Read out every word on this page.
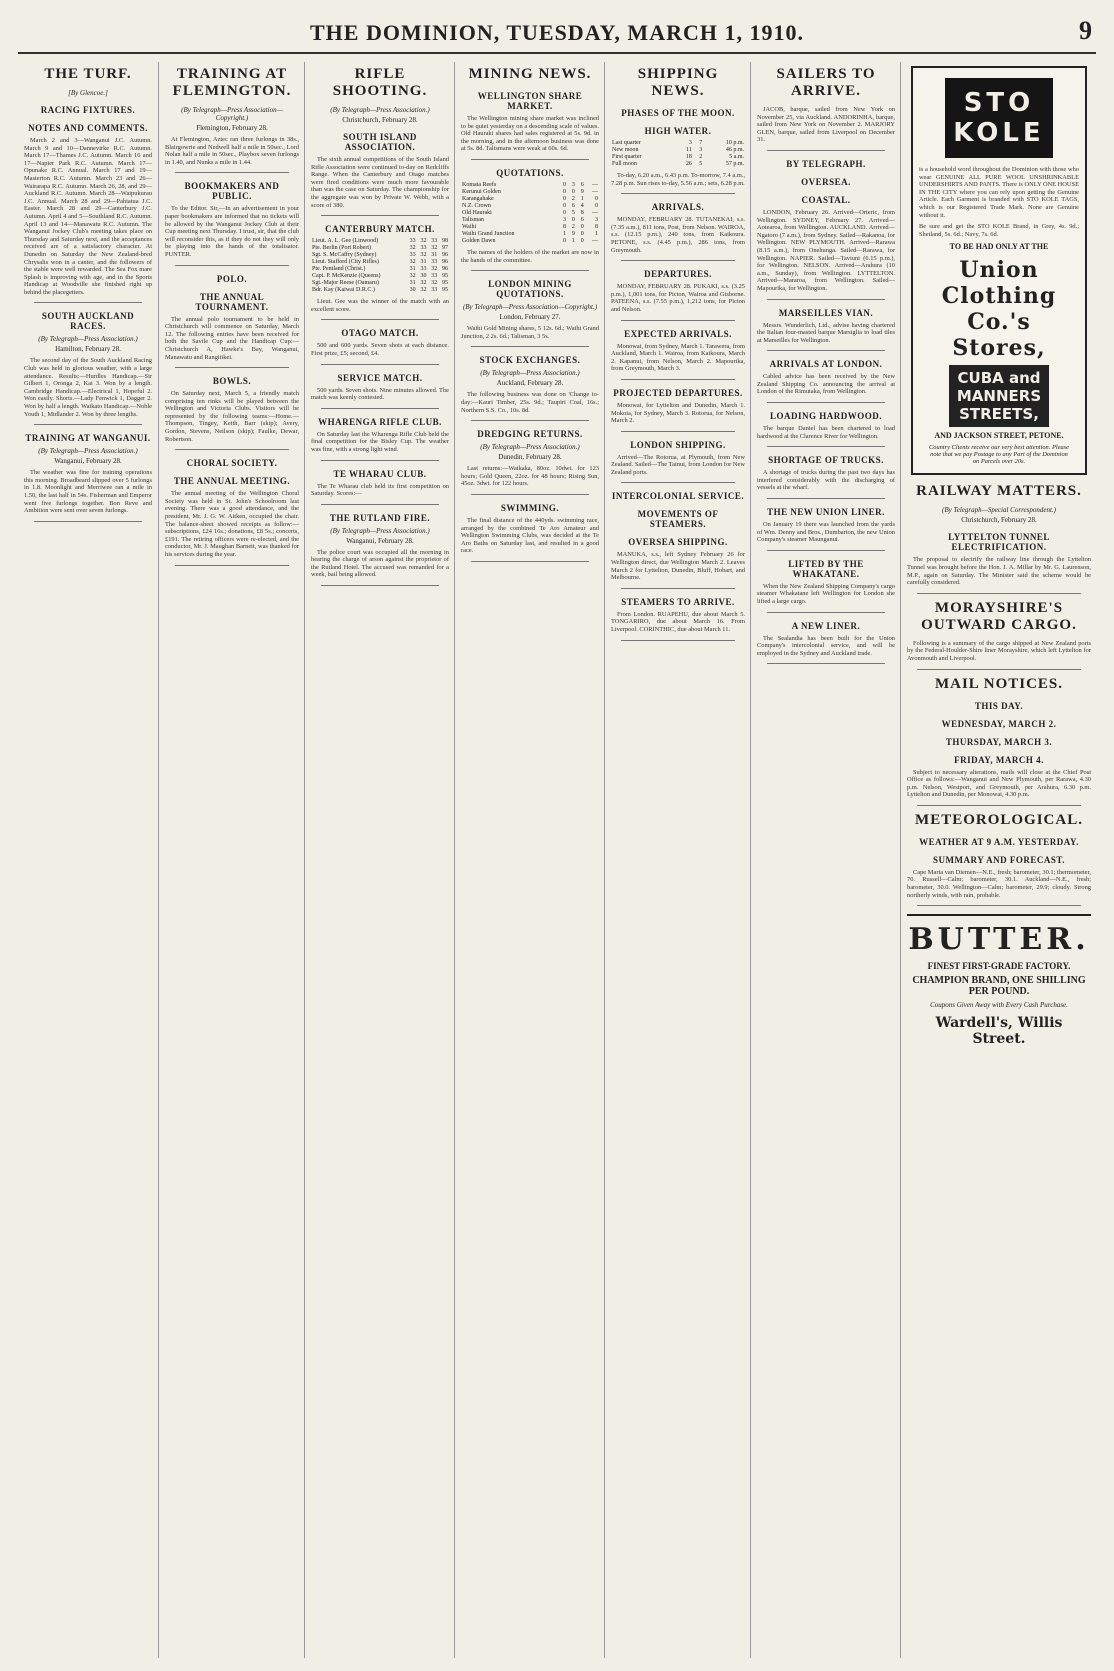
THE DOMINION, TUESDAY, MARCH 1, 1910.	9
THE TURF.
[By Glencoe.]
RACING FIXTURES.
NOTES AND COMMENTS.

March 2 and 3—Wanganui J.C. Autumn. March 9 and 10—Dannevirke R.C. Autumn. March 17—Thames J.C. Autumn. March 16 and 17—Napier Park R.C. Autumn. March 17—Opunake R.C. Annual. March 17 and 19—Masterton R.C. Autumn. March 23 and 26—Wairarapa R.C. Autumn. March 26, 28, and 29—Auckland R.C. Autumn. March 28—Waipukurau J.C. Annual. March 28 and 29—Pahiatua J.C. Easter. March 28 and 29—Canterbury J.C. Autumn. April 4 and 5—Southland R.C. Autumn. April 13 and 14—Manawatu R.C. Autumn. The Wanganui Jockey Club's meeting takes place on Thursday and Saturday next, and the acceptances received are of a satisfactory character. At Dunedin on Saturday the New Zealand-bred Chrysalis won in a canter, and the followers of the stable were well rewarded. The Sea Fox mare Splash is improving with age, and in the Sports Handicap at Woodville she finished right up behind the placegetters.

SOUTH AUCKLAND RACES.
(By Telegraph—Press Association.)
Hamilton, February 28.

The second day of the South Auckland Racing Club was held in glorious weather, with a large attendance. Results:—Hurdles Handicap.—Sir Gilbert 1, Oronga 2, Kai 3. Won by a length. Cambridge Handicap.—Electrical 1, Hopeful 2. Won easily. Shorts.—Lady Fenwick 1, Dagger 2. Won by half a length. Waikato Handicap.—Noble Youth 1, Midlander 2. Won by three lengths.

TRAINING AT WANGANUI.
(By Telegraph—Press Association.)
Wanganui, February 28.

The weather was fine for training operations this morning. Broadbeard slipped over 5 furlongs in 1.8. Moonlight and Merriwee ran a mile in 1.50, the last half in 54s. Fisherman and Emperor went five furlongs together. Bon Reve and Ambition were sent over seven furlongs.

TRAINING AT FLEMINGTON.
(By Telegraph—Press Association—Copyright.)
Flemington, February 28.

At Flemington, Aztec ran three furlongs in 38s., Blairgowrie and Nedwell half a mile in 50sec., Lord Nolan half a mile in 50sec., Playbox seven furlongs in 1.40, and Nunks a mile in 1.44.

BOOKMAKERS AND PUBLIC.

To the Editor. Sir,—In an advertisement in your paper bookmakers are informed that no tickets will be allowed by the Wanganui Jockey Club at their Cup meeting next Thursday. I trust, sir, that the club will reconsider this, as if they do not they will only be playing into the hands of the totalisator. PUNTER.

POLO.
THE ANNUAL TOURNAMENT.

The annual polo tournament to be held in Christchurch will commence on Saturday, March 12. The following entries have been received for both the Savile Cup and the Handicap Cup:—Christchurch A, Hawke's Bay, Wanganui, Manawatu and Rangitikei.

BOWLS.

On Saturday next, March 5, a friendly match comprising ten rinks will be played between the Wellington and Victoria Clubs. Visitors will be represented by the following teams:—Home.—Thompson, Tingey, Keith, Barr (skip); Avery, Gordon, Stevens, Neilson (skip); Faulke, Dewar, Robertson.

CHORAL SOCIETY.
THE ANNUAL MEETING.

The annual meeting of the Wellington Choral Society was held in St. John's Schoolroom last evening. There was a good attendance, and the president, Mr. J. G. W. Aitken, occupied the chair. The balance-sheet showed receipts as follow:—subscriptions, £24 16s.; donations, £8 5s.; concerts, £191. The retiring officers were re-elected, and the conductor, Mr. J. Maughan Barnett, was thanked for his services during the year.

RIFLE SHOOTING.
(By Telegraph—Press Association.)
Christchurch, February 28.
SOUTH ISLAND ASSOCIATION.

The sixth annual competitions of the South Island Rifle Association were continued to-day on Redcliffs Range. When the Canterbury and Otago matches were fired conditions were much more favourable than was the case on Saturday. The championship for the aggregate was won by Private W. Webb, with a score of 380.

CANTERBURY MATCH.
Lieut. A. L. Gee (Linwood)	33	32	33	98
Pte. Berlin (Port Robert)	32	33	32	97
Sgt. S. McCaffry (Sydney)	33	32	31	96
Lieut. Stafford (City Rifles)	32	31	33	96
Pte. Pentland (Christ.)	31	33	32	96
Capt. P. McKenzie (Queens)	32	30	33	95
Sgt.-Major Reese (Oamaru)	31	32	32	95
Bdr. Kay (Kaiwai D.R.C.)	30	32	33	95

Lieut. Gee was the winner of the match with an excellent score.

OTAGO MATCH.

500 and 600 yards. Seven shots at each distance. First prize, £5; second, £4.

SERVICE MATCH.

500 yards. Seven shots. Nine minutes allowed. The match was keenly contested.

WHARENGA RIFLE CLUB.

On Saturday last the Wharenga Rifle Club held the final competition for the Bisley Cup. The weather was fine, with a strong light wind.

TE WHARAU CLUB.

The Te Wharau club held its first competition on Saturday. Scores:—

THE RUTLAND FIRE.
(By Telegraph—Press Association.)
Wanganui, February 28.

The police court was occupied all the morning in hearing the charge of arson against the proprietor of the Rutland Hotel. The accused was remanded for a week, bail being allowed.

MINING NEWS.
WELLINGTON SHARE MARKET.

The Wellington mining share market was inclined to be quiet yesterday on a descending scale of values. Old Hauraki shares had sales registered at 5s. 9d. in the morning, and in the afternoon business was done at 5s. 8d. Talismans were weak at 60s. 6d.

QUOTATIONS.
Komata Reefs	0	3	6	—
Kerunui Golden	0	0	9	—
Karangahake	0	2	1	0
N.Z. Crown	0	6	4	0
Old Hauraki	0	5	8	—
Talisman	3	0	6	3
Waihi	8	2	0	8
Waihi Grand Junction	1	9	0	1
Golden Dawn	0	1	0	—

The names of the holders of the market are now in the hands of the committee.

LONDON MINING QUOTATIONS.
(By Telegraph—Press Association—Copyright.)
London, February 27.

Waihi Gold Mining shares, 5 12s. 6d.; Waihi Grand Junction, 2 2s. 6d.; Talisman, 3 5s.

STOCK EXCHANGES.
(By Telegraph—Press Association.)
Auckland, February 28.

The following business was done on 'Change to-day:—Kauri Timber, 25s. 9d.; Taupiri Coal, 16s.; Northern S.S. Co., 10s. 8d.

DREDGING RETURNS.
(By Telegraph—Press Association.)
Dunedin, February 28.

Last returns:—Waikaka, 80oz. 10dwt. for 123 hours; Gold Queen, 22oz. for 48 hours; Rising Sun, 45oz. 3dwt. for 122 hours.

SWIMMING.

The final distance of the 440yds. swimming race, arranged by the combined Te Aro Amateur and Wellington Swimming Clubs, was decided at the Te Aro Baths on Saturday last, and resulted in a good race.

SHIPPING NEWS.
PHASES OF THE MOON.
HIGH WATER.
Last quarter	3	7	10 p.m.
New moon	11	3	46 p.m.
First quarter	18	2	5 a.m.
Full moon	26	5	57 p.m.

To-day, 6.20 a.m., 6.43 p.m. To-morrow, 7.4 a.m., 7.28 p.m. Sun rises to-day, 5.56 a.m.; sets, 6.28 p.m.

ARRIVALS.

MONDAY, FEBRUARY 28. TUTANEKAI, s.s. (7.35 a.m.), 811 tons, Post, from Nelson. WAIROA, s.s. (12.15 p.m.), 240 tons, from Kaikoura. PETONE, s.s. (4.45 p.m.), 286 tons, from Greymouth.

DEPARTURES.

MONDAY, FEBRUARY 28. PUKAKI, s.s. (3.25 p.m.), 1,001 tons, for Picton, Wairoa and Gisborne. PATEENA, s.s. (7.55 p.m.), 1,212 tons, for Picton and Nelson.

EXPECTED ARRIVALS.

Monowai, from Sydney, March 1. Tarawera, from Auckland, March 1. Wairoa, from Kaikoura, March 2. Kapanui, from Nelson, March 2. Mapourika, from Greymouth, March 3.

PROJECTED DEPARTURES.

Monowai, for Lyttelton and Dunedin, March 1. Mokoia, for Sydney, March 3. Rotorua, for Nelson, March 2.

LONDON SHIPPING.

Arrived—The Rotorua, at Plymouth, from New Zealand. Sailed—The Tainui, from London for New Zealand ports.

INTERCOLONIAL SERVICE.
MOVEMENTS OF STEAMERS.
OVERSEA SHIPPING.

MANUKA, s.s., left Sydney February 26 for Wellington direct, due Wellington March 2. Leaves March 2 for Lyttelton, Dunedin, Bluff, Hobart, and Melbourne.

STEAMERS TO ARRIVE.

From London. RUAPEHU, due about March 5. TONGARIRO, due about March 16. From Liverpool. CORINTHIC, due about March 11.

SAILERS TO ARRIVE.

JACOB, barque, sailed from New York on November 25, via Auckland. ANDORINHA, barque, sailed from New York on November 2. MARJORY GLEN, barque, sailed from Liverpool on December 31.

BY TELEGRAPH.
OVERSEA.
COASTAL.

LONDON, February 26. Arrived—Orteric, from Wellington. SYDNEY, February 27. Arrived—Aotearoa, from Wellington. AUCKLAND. Arrived—Ngatoro (7 a.m.), from Sydney. Sailed—Rakanoa, for Wellington. NEW PLYMOUTH. Arrived—Rarawa (8.15 a.m.), from Onehunga. Sailed—Rarawa, for Wellington. NAPIER. Sailed—Taviuni (6.15 p.m.), for Wellington. NELSON. Arrived—Arahura (10 a.m., Sunday), from Wellington. LYTTELTON. Arrived—Mararoa, from Wellington. Sailed—Mapourika, for Wellington.

MARSEILLES VIAN.

Messrs. Wunderlich, Ltd., advise having chartered the Italian four-masted barque Marsiglia to load tiles at Marseilles for Wellington.

ARRIVALS AT LONDON.

Cabled advice has been received by the New Zealand Shipping Co. announcing the arrival at London of the Rimutaka, from Wellington.

LOADING HARDWOOD.

The barque Daniel has been chartered to load hardwood at the Clarence River for Wellington.

SHORTAGE OF TRUCKS.

A shortage of trucks during the past two days has interfered considerably with the discharging of vessels at the wharf.

THE NEW UNION LINER.

On January 19 there was launched from the yards of Wm. Denny and Bros., Dumbarton, the new Union Company's steamer Maunganui.

LIFTED BY THE WHAKATANE.

When the New Zealand Shipping Company's cargo steamer Whakatane left Wellington for London she lifted a large cargo.

A NEW LINER.

The Sealandia has been built for the Union Company's intercolonial service, and will be employed in the Sydney and Auckland trade.

STO KOLE
is a household word throughout the Dominion with those who wear GENUINE ALL PURE WOOL UNSHRINKABLE UNDERSHIRTS AND PANTS. There is ONLY ONE HOUSE IN THE CITY where you can rely upon getting the Genuine Article. Each Garment is branded with STO KOLE TAGS, which is our Registered Trade Mark. None are Genuine without it.
Be sure and get the STO KOLE Brand, in Grey, 4s. 9d.; Shetland, 5s. 6d.; Navy, 7s. 6d.
TO BE HAD ONLY AT THE
Union Clothing Co.'s Stores,
CUBA and MANNERS STREETS,
AND JACKSON STREET, PETONE.
Country Clients receive our very best attention. Please note that we pay Postage to any Part of the Dominion on Parcels over 20s.
RAILWAY MATTERS.
(By Telegraph—Special Correspondent.)
Christchurch, February 28.
LYTTELTON TUNNEL ELECTRIFICATION.

The proposal to electrify the railway line through the Lyttelton Tunnel was brought before the Hon. J. A. Millar by Mr. G. Laurenson, M.P., again on Saturday. The Minister said the scheme would be carefully considered.

MORAYSHIRE'S OUTWARD CARGO.

Following is a summary of the cargo shipped at New Zealand ports by the Federal-Houlder-Shire liner Morayshire, which left Lyttelton for Avonmouth and Liverpool.

MAIL NOTICES.
THIS DAY.
WEDNESDAY, MARCH 2.
THURSDAY, MARCH 3.
FRIDAY, MARCH 4.

Subject to necessary alterations, mails will close at the Chief Post Office as follows:—Wanganui and New Plymouth, per Rarawa, 4.30 p.m. Nelson, Westport, and Greymouth, per Arahura, 6.30 p.m. Lyttelton and Dunedin, per Monowai, 4.30 p.m.

METEOROLOGICAL.
WEATHER AT 9 A.M. YESTERDAY.
SUMMARY AND FORECAST.

Cape Maria van Diemen—N.E., fresh; barometer, 30.1; thermometer, 70. Russell—Calm; barometer, 30.1. Auckland—N.E., fresh; barometer, 30.0. Wellington—Calm; barometer, 29.9; cloudy. Strong northerly winds, with rain, probable.

BUTTER.
FINEST FIRST-GRADE FACTORY.
CHAMPION BRAND, ONE SHILLING PER POUND.
Coupons Given Away with Every Cash Purchase.
Wardell's, Willis Street.
